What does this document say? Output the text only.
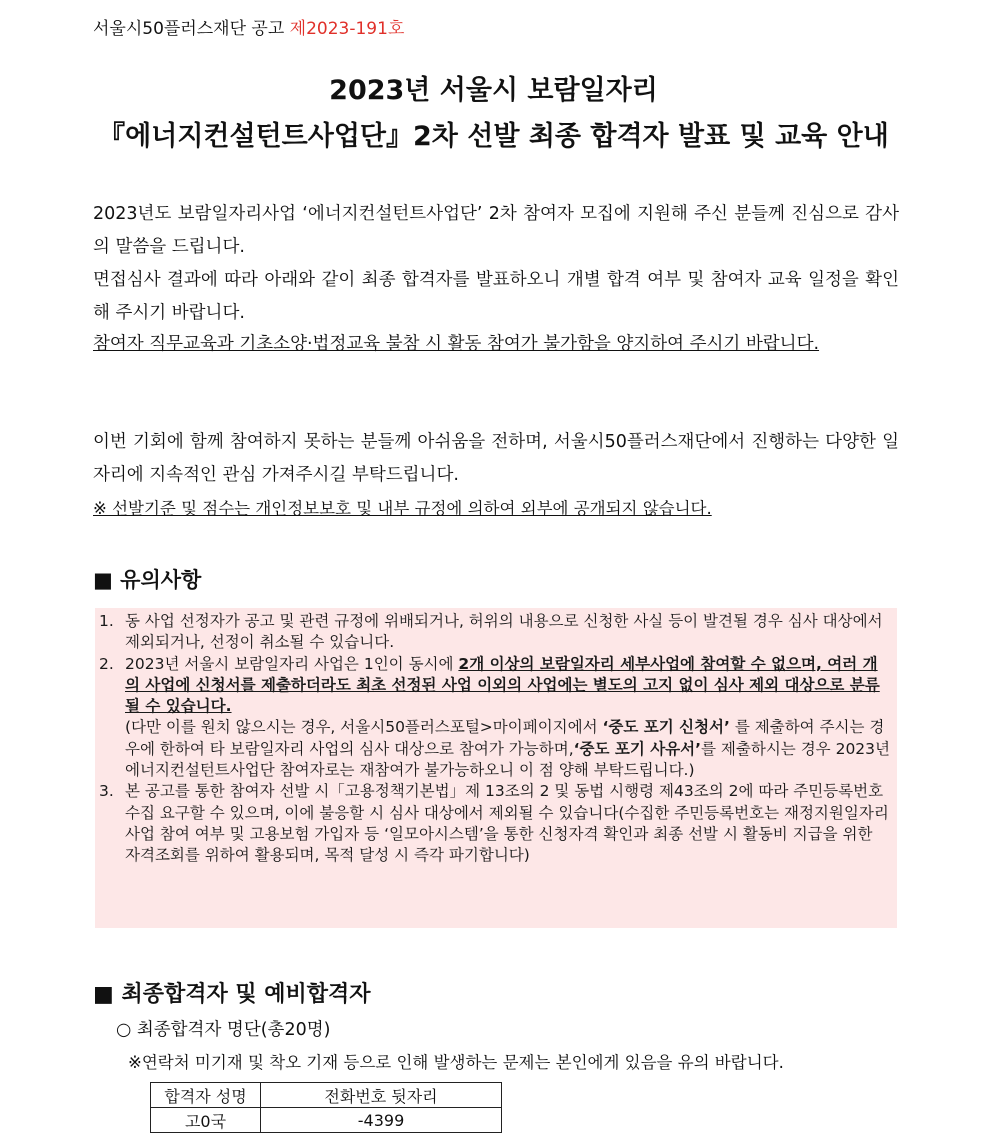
서울시50플러스재단 공고 제2023-191호
2023년 서울시 보람일자리
『에너지컨설턴트사업단』2차 선발 최종 합격자 발표 및 교육 안내
2023년도 보람일자리사업 ‘에너지컨설턴트사업단’ 2차 참여자 모집에 지원해 주신 분들께 진심으로 감사의 말씀을 드립니다.
면접심사 결과에 따라 아래와 같이 최종 합격자를 발표하오니 개별 합격 여부 및 참여자 교육 일정을 확인해 주시기 바랍니다.
참여자 직무교육과 기초소양·법정교육 불참 시 활동 참여가 불가함을 양지하여 주시기 바랍니다.
이번 기회에 함께 참여하지 못하는 분들께 아쉬움을 전하며, 서울시50플러스재단에서 진행하는 다양한 일자리에 지속적인 관심 가져주시길 부탁드립니다.
※ 선발기준 및 점수는 개인정보보호 및 내부 규정에 의하여 외부에 공개되지 않습니다.
■ 유의사항

1. 동 사업 선정자가 공고 및 관련 규정에 위배되거나, 허위의 내용으로 신청한 사실 등이 발견될 경우 심사 대상에서 제외되거나, 선정이 취소될 수 있습니다.

2. 2023년 서울시 보람일자리 사업은 1인이 동시에 2개 이상의 보람일자리 세부사업에 참여할 수 없으며, 여러 개의 사업에 신청서를 제출하더라도 최초 선정된 사업 이외의 사업에는 별도의 고지 없이 심사 제외 대상으로 분류될 수 있습니다.
(다만 이를 원치 않으시는 경우, 서울시50플러스포털>마이페이지에서 ‘중도 포기 신청서’ 를 제출하여 주시는 경우에 한하여 타 보람일자리 사업의 심사 대상으로 참여가 가능하며,‘중도 포기 사유서’를 제출하시는 경우 2023년 에너지컨설턴트사업단 참여자로는 재참여가 불가능하오니 이 점 양해 부탁드립니다.)

3. 본 공고를 통한 참여자 선발 시「고용정책기본법」제 13조의 2 및 동법 시행령 제43조의 2에 따라 주민등록번호 수집 요구할 수 있으며, 이에 불응할 시 심사 대상에서 제외될 수 있습니다(수집한 주민등록번호는 재정지원일자리사업 참여 여부 및 고용보험 가입자 등 ‘일모아시스템’을 통한 신청자격 확인과 최종 선발 시 활동비 지급을 위한 자격조회를 위하여 활용되며, 목적 달성 시 즉각 파기합니다)

■ 최종합격자 및 예비합격자
○ 최종합격자 명단(총20명)
※연락처 미기재 및 착오 기재 등으로 인해 발생하는 문제는 본인에게 있음을 유의 바랍니다.
합격자 성명	전화번호 뒷자리
고0국	-4399
